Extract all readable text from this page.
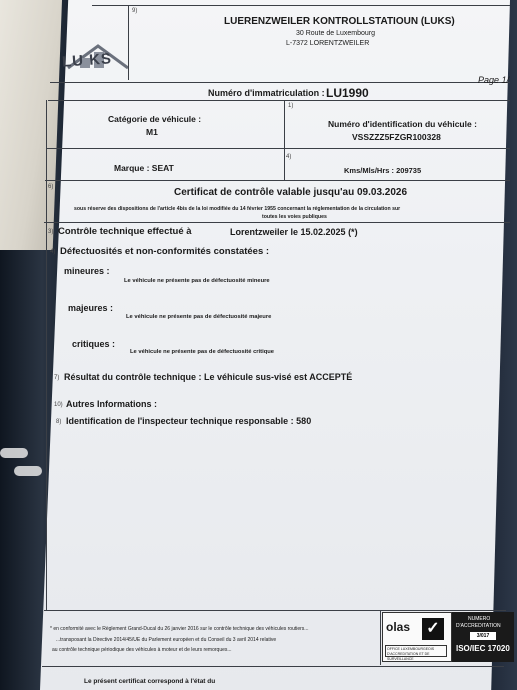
LU KS
9)
1)
4)
6)
3)
4)
7)
10)
8)
LUERENZWEILER KONTROLLSTATIOUN (LUKS)
30 Route de Luxembourg
L-7372 LORENTZWEILER
Page 1/
Numéro d'immatriculation : LU1990
Catégorie de véhicule :
M1
Numéro d'identification du véhicule :
VSSZZZ5FZGR100328
Marque : SEAT	Kms/Mls/Hrs : 209735
Certificat de contrôle valable jusqu'au 09.03.2026
sous réserve des dispositions de l'article 4bis de la loi modifiée du 14 février 1955 concernant la réglementation de la circulation sur
toutes les voies publiques
Contrôle technique effectué à	Lorentzweiler le 15.02.2025 (*)
Défectuosités et non-conformités constatées :
mineures :
Le véhicule ne présente pas de défectuosité mineure
majeures :
Le véhicule ne présente pas de défectuosité majeure
critiques :
Le véhicule ne présente pas de défectuosité critique
Résultat du contrôle technique : Le véhicule sus-visé est ACCEPTÉ
Autres Informations :
Identification de l'inspecteur technique responsable : 580
* en conformité avec le Règlement Grand-Ducal du 26 janvier 2016 sur le contrôle technique des véhicules routiers...
...transposant la Directive 2014/45/UE du Parlement européen et du Conseil du 3 avril 2014 relative
au contrôle technique périodique des véhicules à moteur et de leurs remorques...
Le présent certificat correspond à l'état du
olas ✓
OFFICE LUXEMBOURGEOIS D'ACCREDITATION ET DE SURVEILLANCE
NUMERO
D'ACCREDITATION
3/017
ISO/IEC 17020
